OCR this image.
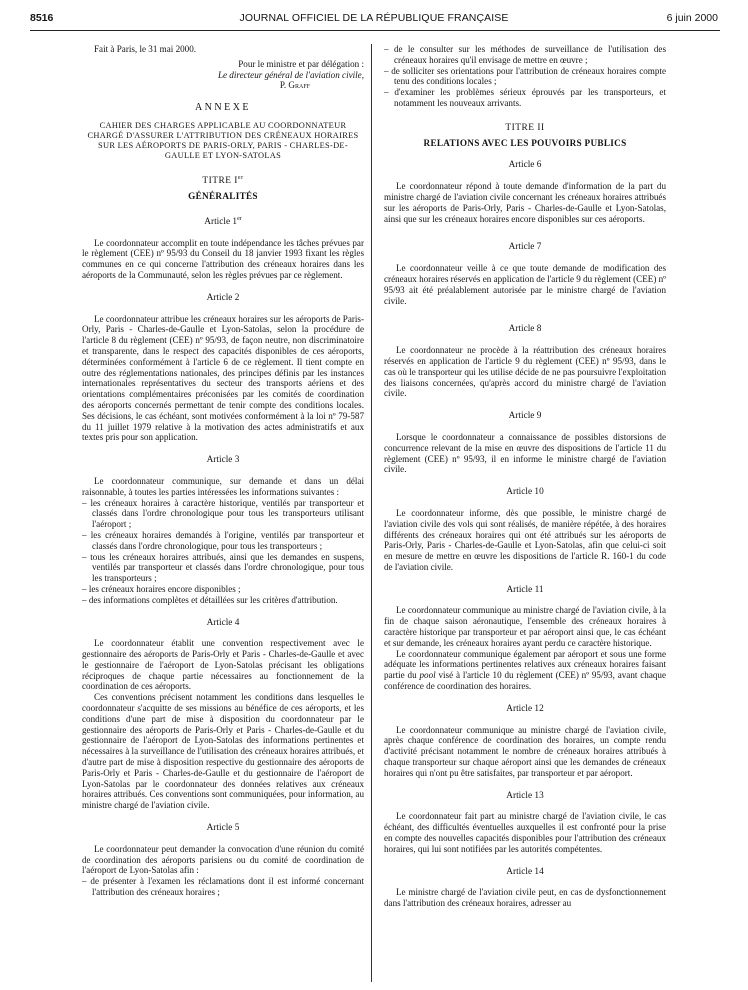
8516	JOURNAL OFFICIEL DE LA RÉPUBLIQUE FRANÇAISE	6 juin 2000

Fait à Paris, le 31 mai 2000.

Pour le ministre et par délégation :

Le directeur général de l'aviation civile,

P. Graff

ANNEXE
CAHIER DES CHARGES APPLICABLE AU COORDONNATEUR CHARGÉ D'ASSURER L'ATTRIBUTION DES CRÉNEAUX HORAIRES SUR LES AÉROPORTS DE PARIS-ORLY, PARIS - CHARLES-DE-GAULLE ET LYON-SATOLAS
TITRE Ier
GÉNÉRALITÉS
Article 1er

Le coordonnateur accomplit en toute indépendance les tâches prévues par le règlement (CEE) nº 95/93 du Conseil du 18 janvier 1993 fixant les règles communes en ce qui concerne l'attribution des créneaux horaires dans les aéroports de la Communauté, selon les règles prévues par ce règlement.

Article 2

Le coordonnateur attribue les créneaux horaires sur les aéroports de Paris-Orly, Paris - Charles-de-Gaulle et Lyon-Satolas, selon la procédure de l'article 8 du règlement (CEE) nº 95/93, de façon neutre, non discriminatoire et transparente, dans le respect des capacités disponibles de ces aéroports, déterminées conformément à l'article 6 de ce règlement. Il tient compte en outre des réglementations nationales, des principes définis par les instances internationales représentatives du secteur des transports aériens et des orientations complémentaires préconisées par les comités de coordination des aéroports concernés permettant de tenir compte des conditions locales. Ses décisions, le cas échéant, sont motivées conformément à la loi nº 79-587 du 11 juillet 1979 relative à la motivation des actes administratifs et aux textes pris pour son application.

Article 3

Le coordonnateur communique, sur demande et dans un délai raisonnable, à toutes les parties intéressées les informations suivantes :

– les créneaux horaires à caractère historique, ventilés par transporteur et classés dans l'ordre chronologique pour tous les transporteurs utilisant l'aéroport ;
– les créneaux horaires demandés à l'origine, ventilés par transporteur et classés dans l'ordre chronologique, pour tous les transporteurs ;
– tous les créneaux horaires attribués, ainsi que les demandes en suspens, ventilés par transporteur et classés dans l'ordre chronologique, pour tous les transporteurs ;
– les créneaux horaires encore disponibles ;
– des informations complètes et détaillées sur les critères d'attribution.
Article 4

Le coordonnateur établit une convention respectivement avec le gestionnaire des aéroports de Paris-Orly et Paris - Charles-de-Gaulle et avec le gestionnaire de l'aéroport de Lyon-Satolas précisant les obligations réciproques de chaque partie nécessaires au fonctionnement de la coordination de ces aéroports.

Ces conventions précisent notamment les conditions dans lesquelles le coordonnateur s'acquitte de ses missions au bénéfice de ces aéroports, et les conditions d'une part de mise à disposition du coordonnateur par le gestionnaire des aéroports de Paris-Orly et Paris - Charles-de-Gaulle et du gestionnaire de l'aéroport de Lyon-Satolas des informations pertinentes et nécessaires à la surveillance de l'utilisation des créneaux horaires attribués, et d'autre part de mise à disposition respective du gestionnaire des aéroports de Paris-Orly et Paris - Charles-de-Gaulle et du gestionnaire de l'aéroport de Lyon-Satolas par le coordonnateur des données relatives aux créneaux horaires attribués. Ces conventions sont communiquées, pour information, au ministre chargé de l'aviation civile.

Article 5

Le coordonnateur peut demander la convocation d'une réunion du comité de coordination des aéroports parisiens ou du comité de coordination de l'aéroport de Lyon-Satolas afin :

– de présenter à l'examen les réclamations dont il est informé concernant l'attribution des créneaux horaires ;
– de le consulter sur les méthodes de surveillance de l'utilisation des créneaux horaires qu'il envisage de mettre en œuvre ;
– de solliciter ses orientations pour l'attribution de créneaux horaires compte tenu des conditions locales ;
– d'examiner les problèmes sérieux éprouvés par les transporteurs, et notamment les nouveaux arrivants.
TITRE II
RELATIONS AVEC LES POUVOIRS PUBLICS
Article 6

Le coordonnateur répond à toute demande d'information de la part du ministre chargé de l'aviation civile concernant les créneaux horaires attribués sur les aéroports de Paris-Orly, Paris - Charles-de-Gaulle et Lyon-Satolas, ainsi que sur les créneaux horaires encore disponibles sur ces aéroports.

Article 7

Le coordonnateur veille à ce que toute demande de modification des créneaux horaires réservés en application de l'article 9 du règlement (CEE) nº 95/93 ait été préalablement autorisée par le ministre chargé de l'aviation civile.

Article 8

Le coordonnateur ne procède à la réattribution des créneaux horaires réservés en application de l'article 9 du règlement (CEE) nº 95/93, dans le cas où le transporteur qui les utilise décide de ne pas poursuivre l'exploitation des liaisons concernées, qu'après accord du ministre chargé de l'aviation civile.

Article 9

Lorsque le coordonnateur a connaissance de possibles distorsions de concurrence relevant de la mise en œuvre des dispositions de l'article 11 du règlement (CEE) nº 95/93, il en informe le ministre chargé de l'aviation civile.

Article 10

Le coordonnateur informe, dès que possible, le ministre chargé de l'aviation civile des vols qui sont réalisés, de manière répétée, à des horaires différents des créneaux horaires qui ont été attribués sur les aéroports de Paris-Orly, Paris - Charles-de-Gaulle et Lyon-Satolas, afin que celui-ci soit en mesure de mettre en œuvre les dispositions de l'article R. 160-1 du code de l'aviation civile.

Article 11

Le coordonnateur communique au ministre chargé de l'aviation civile, à la fin de chaque saison aéronautique, l'ensemble des créneaux horaires à caractère historique par transporteur et par aéroport ainsi que, le cas échéant et sur demande, les créneaux horaires ayant perdu ce caractère historique.

Le coordonnateur communique également par aéroport et sous une forme adéquate les informations pertinentes relatives aux créneaux horaires faisant partie du pool visé à l'article 10 du règlement (CEE) nº 95/93, avant chaque conférence de coordination des horaires.

Article 12

Le coordonnateur communique au ministre chargé de l'aviation civile, après chaque conférence de coordination des horaires, un compte rendu d'activité précisant notamment le nombre de créneaux horaires attribués à chaque transporteur sur chaque aéroport ainsi que les demandes de créneaux horaires qui n'ont pu être satisfaites, par transporteur et par aéroport.

Article 13

Le coordonnateur fait part au ministre chargé de l'aviation civile, le cas échéant, des difficultés éventuelles auxquelles il est confronté pour la prise en compte des nouvelles capacités disponibles pour l'attribution des créneaux horaires, qui lui sont notifiées par les autorités compétentes.

Article 14

Le ministre chargé de l'aviation civile peut, en cas de dysfonctionnement dans l'attribution des créneaux horaires, adresser au
